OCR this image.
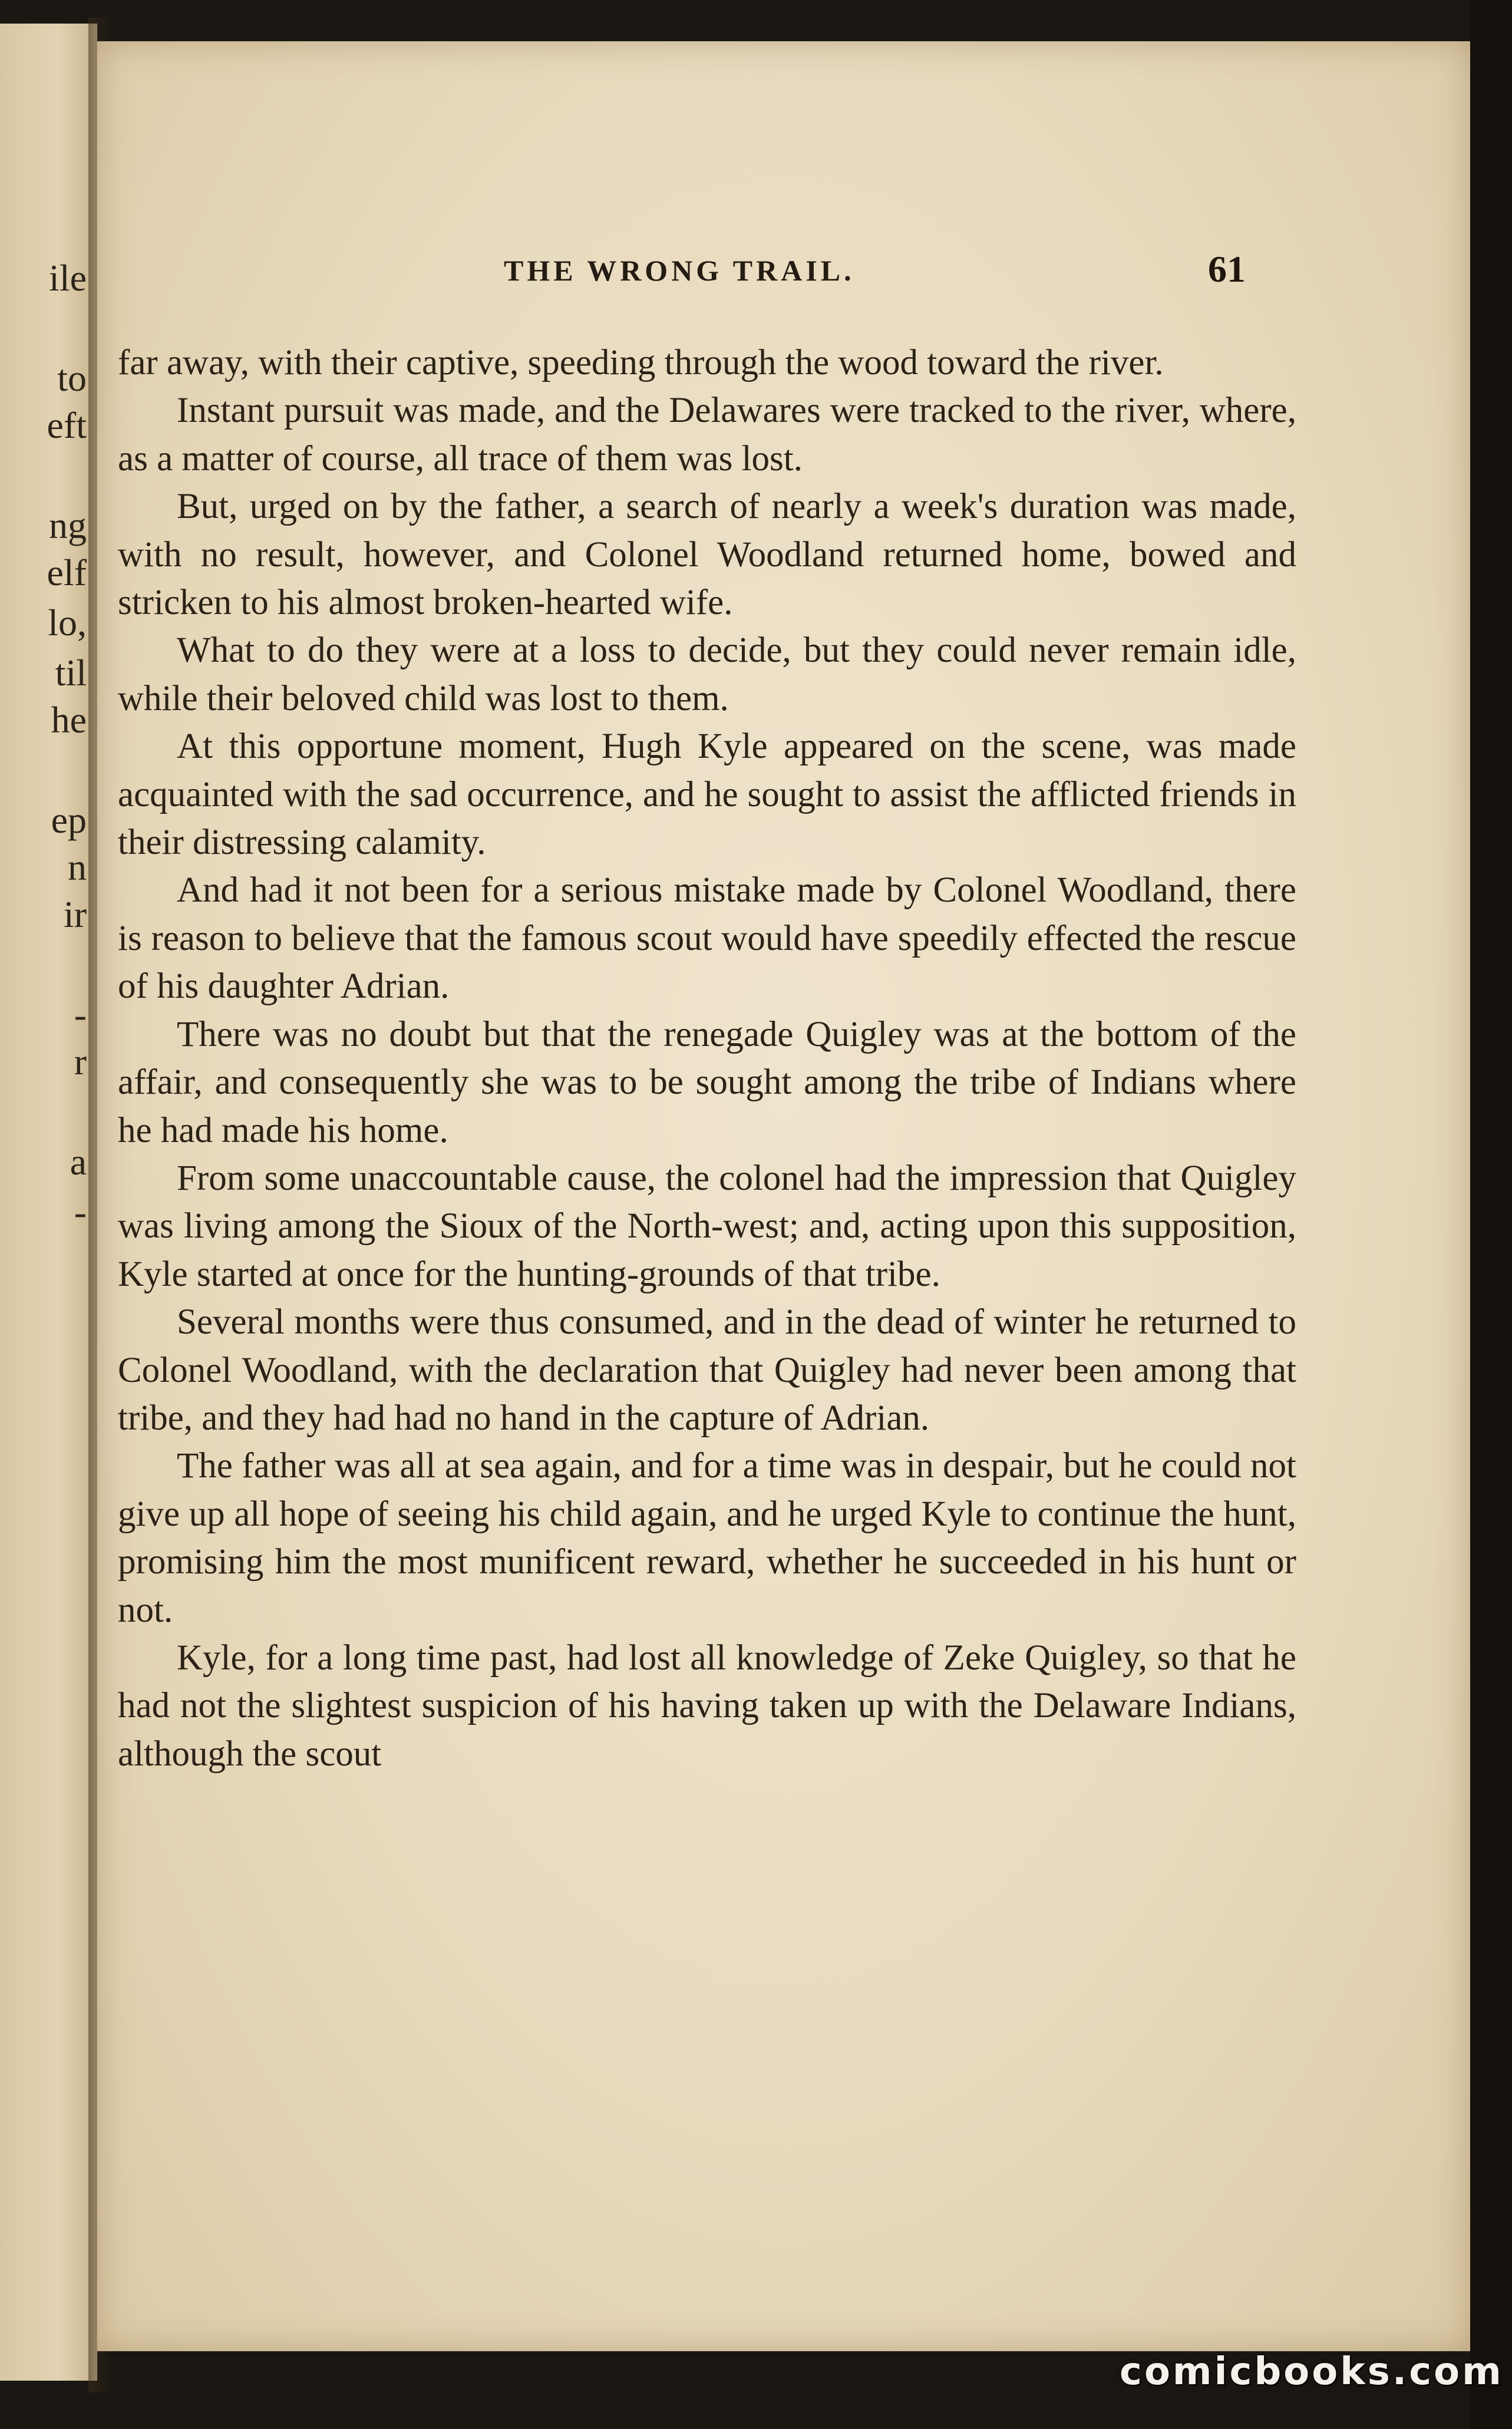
ile
to
eft
ng
elf
lo,
til
he
ep
n
ir
-
r
a
-
THE WRONG TRAIL.	61

far away, with their captive, speeding through the wood toward the river.

Instant pursuit was made, and the Delawares were tracked to the river, where, as a matter of course, all trace of them was lost.

But, urged on by the father, a search of nearly a week's duration was made, with no result, however, and Colonel Woodland returned home, bowed and stricken to his almost broken-hearted wife.

What to do they were at a loss to decide, but they could never remain idle, while their beloved child was lost to them.

At this opportune moment, Hugh Kyle appeared on the scene, was made acquainted with the sad occurrence, and he sought to assist the afflicted friends in their distressing calamity.

And had it not been for a serious mistake made by Colonel Woodland, there is reason to believe that the famous scout would have speedily effected the rescue of his daughter Adrian.

There was no doubt but that the renegade Quigley was at the bottom of the affair, and consequently she was to be sought among the tribe of Indians where he had made his home.

From some unaccountable cause, the colonel had the impression that Quigley was living among the Sioux of the North-west; and, acting upon this supposition, Kyle started at once for the hunting-grounds of that tribe.

Several months were thus consumed, and in the dead of winter he returned to Colonel Woodland, with the declaration that Quigley had never been among that tribe, and they had had no hand in the capture of Adrian.

The father was all at sea again, and for a time was in despair, but he could not give up all hope of seeing his child again, and he urged Kyle to continue the hunt, promising him the most munificent reward, whether he succeeded in his hunt or not.

Kyle, for a long time past, had lost all knowledge of Zeke Quigley, so that he had not the slightest suspicion of his having taken up with the Delaware Indians, although the scout

comicbooks.com
